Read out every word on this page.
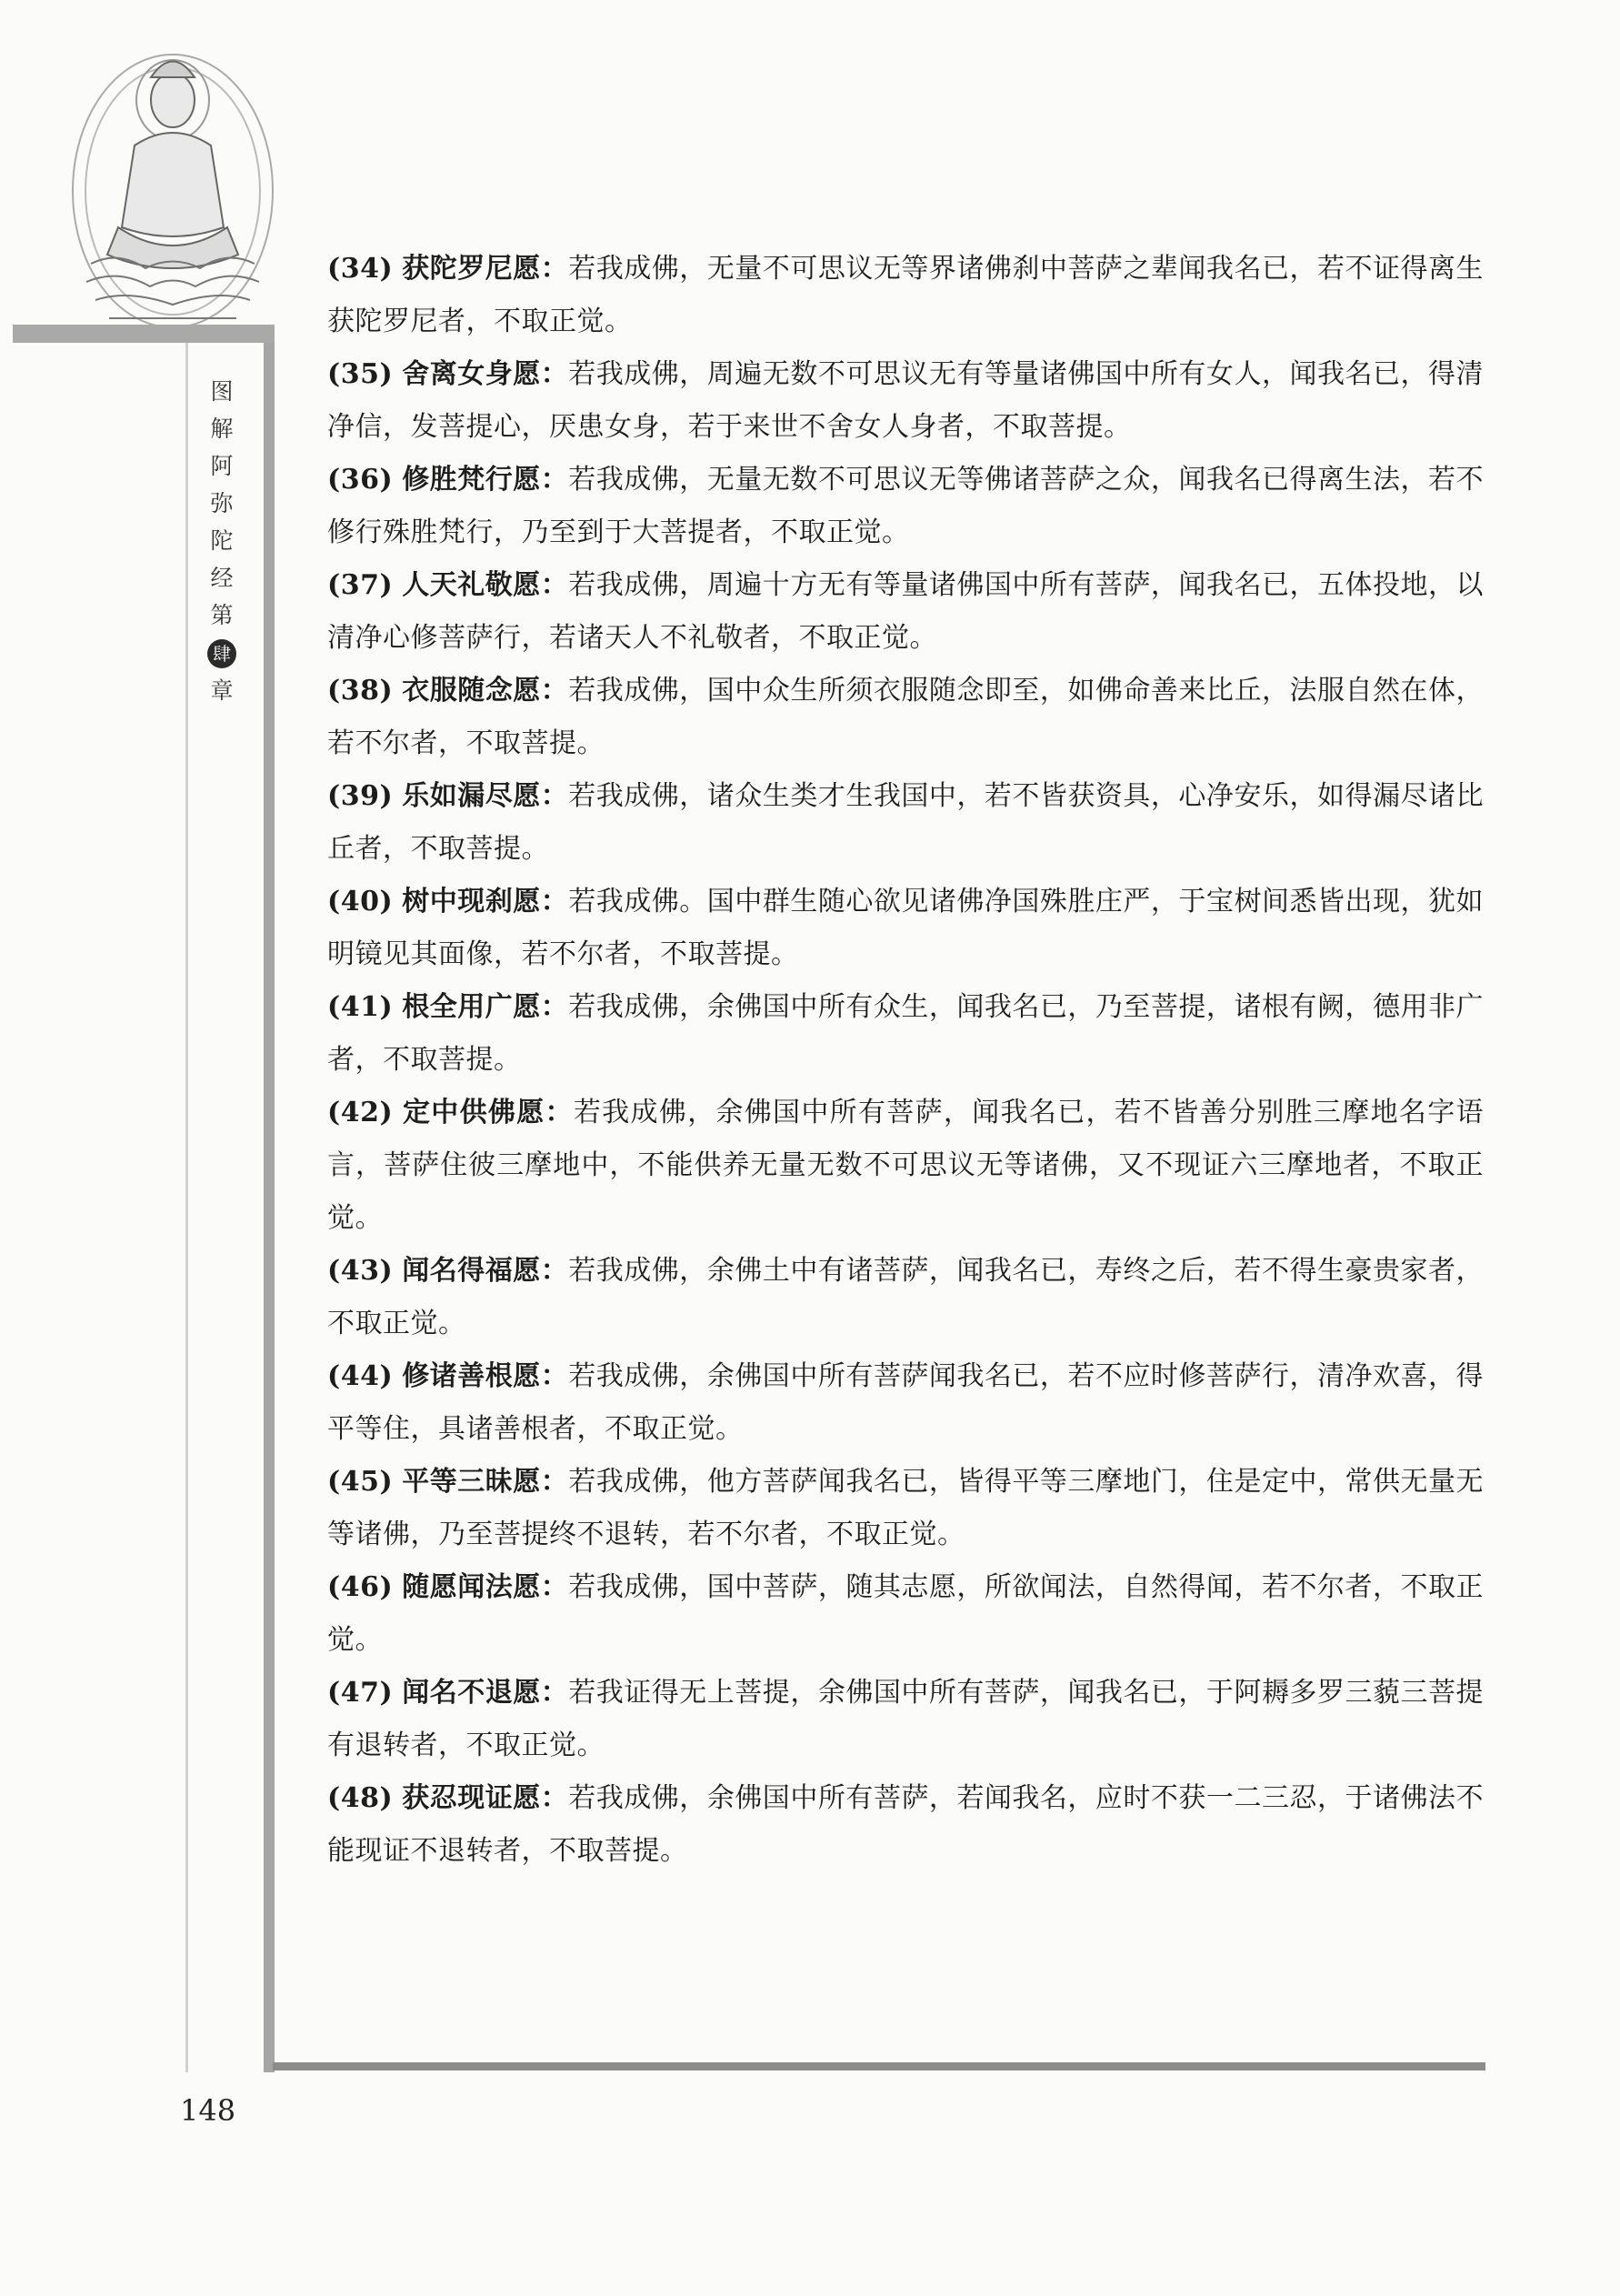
图
解
阿
弥
陀
经
第
肆
章

(34) 获陀罗尼愿：若我成佛，无量不可思议无等界诸佛刹中菩萨之辈闻我名已，若不证得离生获陀罗尼者，不取正觉。

(35) 舍离女身愿：若我成佛，周遍无数不可思议无有等量诸佛国中所有女人，闻我名已，得清净信，发菩提心，厌患女身，若于来世不舍女人身者，不取菩提。

(36) 修胜梵行愿：若我成佛，无量无数不可思议无等佛诸菩萨之众，闻我名已得离生法，若不修行殊胜梵行，乃至到于大菩提者，不取正觉。

(37) 人天礼敬愿：若我成佛，周遍十方无有等量诸佛国中所有菩萨，闻我名已，五体投地，以清净心修菩萨行，若诸天人不礼敬者，不取正觉。

(38) 衣服随念愿：若我成佛，国中众生所须衣服随念即至，如佛命善来比丘，法服自然在体，若不尔者，不取菩提。

(39) 乐如漏尽愿：若我成佛，诸众生类才生我国中，若不皆获资具，心净安乐，如得漏尽诸比丘者，不取菩提。

(40) 树中现刹愿：若我成佛。国中群生随心欲见诸佛净国殊胜庄严，于宝树间悉皆出现，犹如明镜见其面像，若不尔者，不取菩提。

(41) 根全用广愿：若我成佛，余佛国中所有众生，闻我名已，乃至菩提，诸根有阙，德用非广者，不取菩提。

(42) 定中供佛愿：若我成佛，余佛国中所有菩萨，闻我名已，若不皆善分别胜三摩地名字语言，菩萨住彼三摩地中，不能供养无量无数不可思议无等诸佛，又不现证六三摩地者，不取正觉。

(43) 闻名得福愿：若我成佛，余佛土中有诸菩萨，闻我名已，寿终之后，若不得生豪贵家者，不取正觉。

(44) 修诸善根愿：若我成佛，余佛国中所有菩萨闻我名已，若不应时修菩萨行，清净欢喜，得平等住，具诸善根者，不取正觉。

(45) 平等三昧愿：若我成佛，他方菩萨闻我名已，皆得平等三摩地门，住是定中，常供无量无等诸佛，乃至菩提终不退转，若不尔者，不取正觉。

(46) 随愿闻法愿：若我成佛，国中菩萨，随其志愿，所欲闻法，自然得闻，若不尔者，不取正觉。

(47) 闻名不退愿：若我证得无上菩提，余佛国中所有菩萨，闻我名已，于阿耨多罗三藐三菩提有退转者，不取正觉。

(48) 获忍现证愿：若我成佛，余佛国中所有菩萨，若闻我名，应时不获一二三忍，于诸佛法不能现证不退转者，不取菩提。

148
